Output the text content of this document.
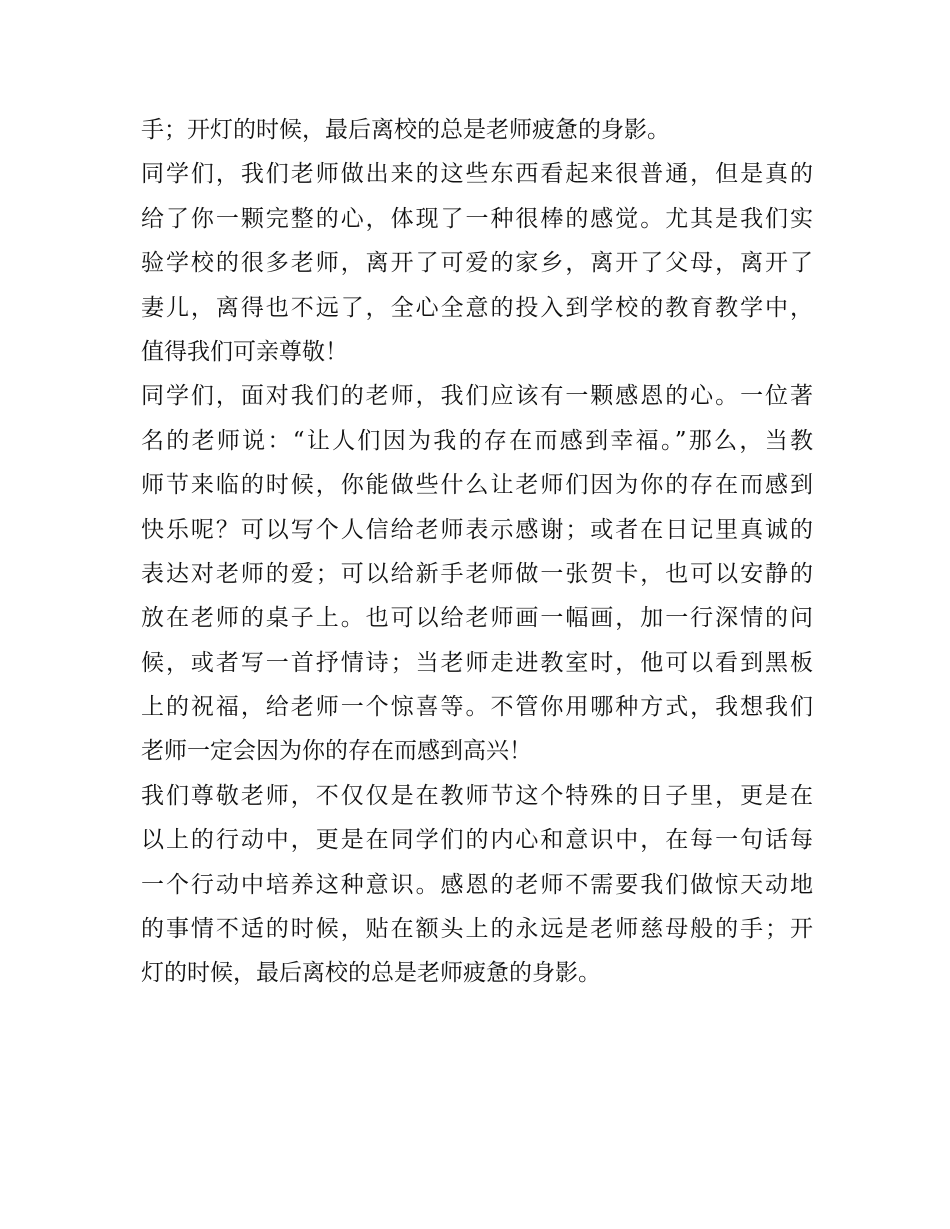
手；开灯的时候，最后离校的总是老师疲惫的身影。
同学们，我们老师做出来的这些东西看起来很普通，但是真的
给了你一颗完整的心，体现了一种很棒的感觉。尤其是我们实
验学校的很多老师，离开了可爱的家乡，离开了父母，离开了
妻儿，离得也不远了，全心全意的投入到学校的教育教学中，
值得我们可亲尊敬！
同学们，面对我们的老师，我们应该有一颗感恩的心。一位著
名的老师说：“让人们因为我的存在而感到幸福。”那么，当教
师节来临的时候，你能做些什么让老师们因为你的存在而感到
快乐呢？可以写个人信给老师表示感谢；或者在日记里真诚的
表达对老师的爱；可以给新手老师做一张贺卡，也可以安静的
放在老师的桌子上。也可以给老师画一幅画，加一行深情的问
候，或者写一首抒情诗；当老师走进教室时，他可以看到黑板
上的祝福，给老师一个惊喜等。不管你用哪种方式，我想我们
老师一定会因为你的存在而感到高兴！
我们尊敬老师，不仅仅是在教师节这个特殊的日子里，更是在
以上的行动中，更是在同学们的内心和意识中，在每一句话每
一个行动中培养这种意识。感恩的老师不需要我们做惊天动地
的事情不适的时候，贴在额头上的永远是老师慈母般的手；开
灯的时候，最后离校的总是老师疲惫的身影。
